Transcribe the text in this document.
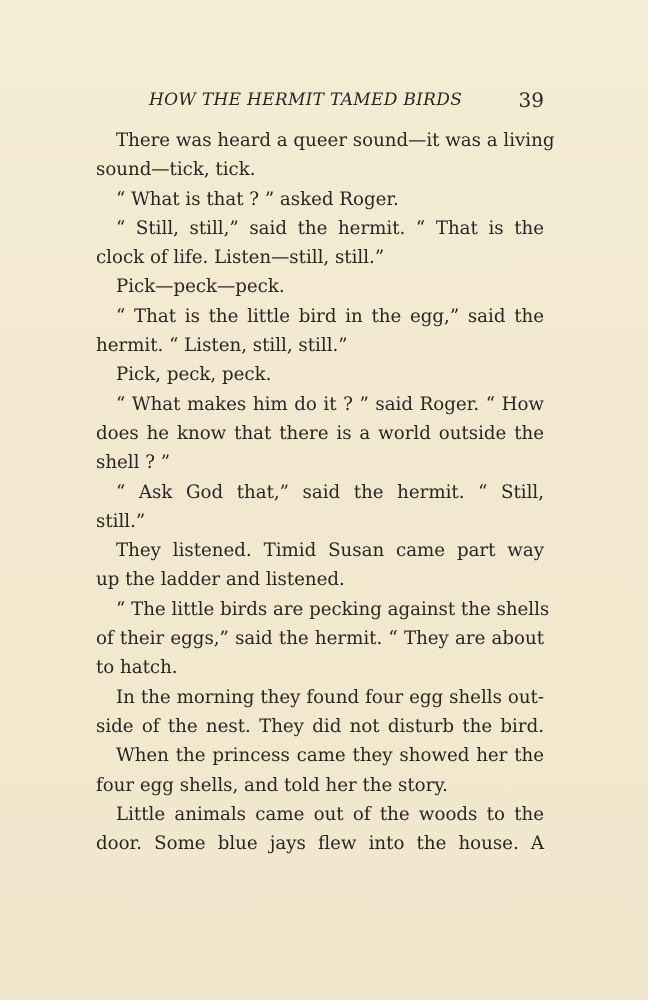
HOW THE HERMIT TAMED BIRDS	39
There was heard a queer sound—it was a living
sound—tick, tick.
“ What is that ? ” asked Roger.
“ Still, still,” said the hermit. “ That is the
clock of life. Listen—still, still.”
Pick—peck—peck.
“ That is the little bird in the egg,” said the
hermit. “ Listen, still, still.”
Pick, peck, peck.
“ What makes him do it ? ” said Roger. “ How
does he know that there is a world outside the
shell ? ”
“ Ask God that,” said the hermit. “ Still,
still.”
They listened. Timid Susan came part way
up the ladder and listened.
“ The little birds are pecking against the shells
of their eggs,” said the hermit. “ They are about
to hatch.
In the morning they found four egg shells out-
side of the nest. They did not disturb the bird.
When the princess came they showed her the
four egg shells, and told her the story.
Little animals came out of the woods to the
door. Some blue jays flew into the house. A
